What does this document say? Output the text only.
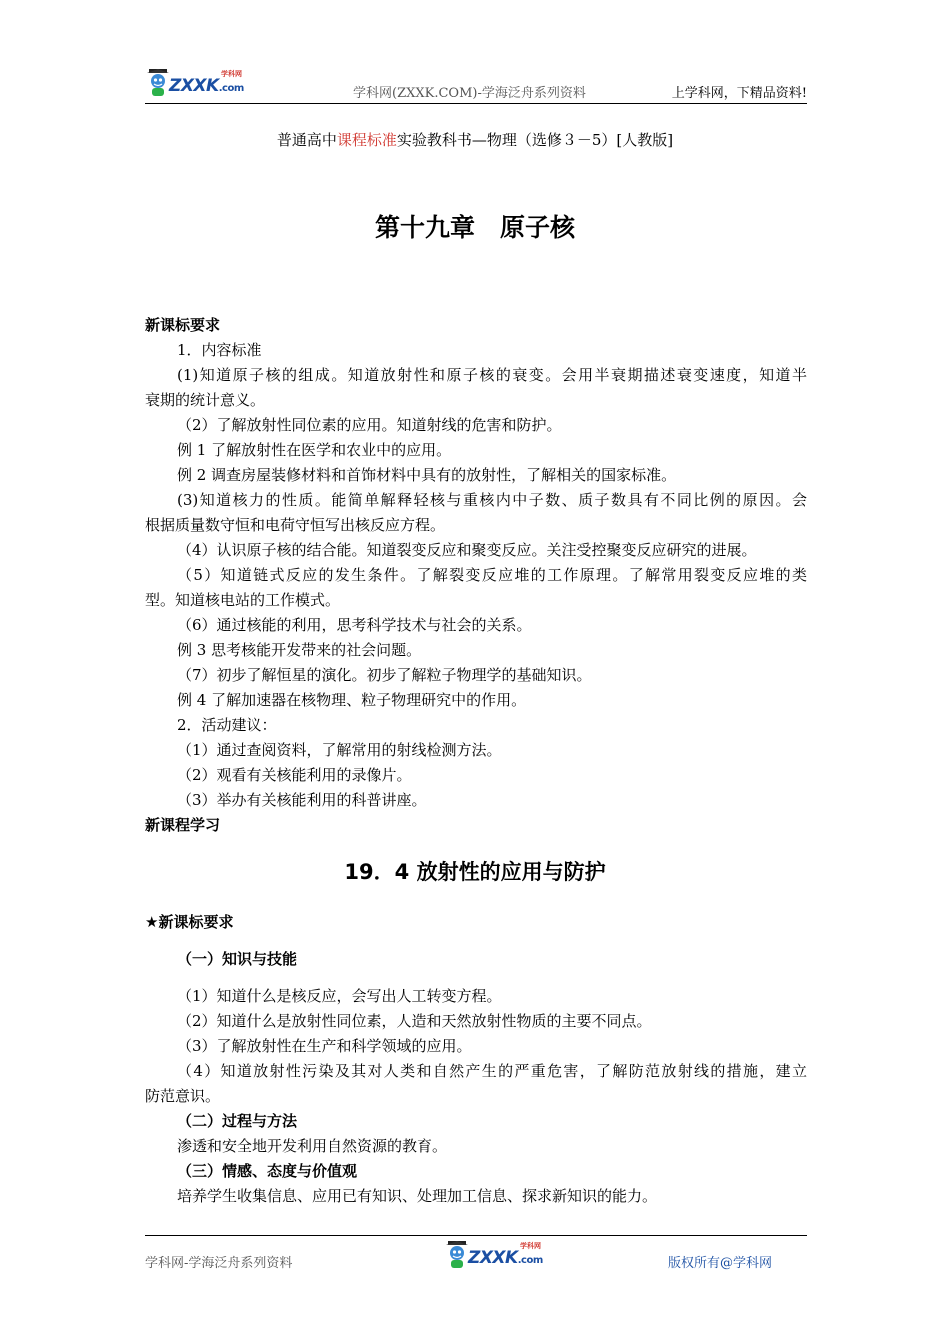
ZXXK.com
学科网
学科网(ZXXK.COM)-学海泛舟系列资料	上学科网，下精品资料!
普通高中课程标准实验教科书—物理（选修３－5）[人教版]
第十九章　原子核
新课标要求
1．内容标准
(1)知道原子核的组成。知道放射性和原子核的衰变。会用半衰期描述衰变速度，知道半
衰期的统计意义。
（2）了解放射性同位素的应用。知道射线的危害和防护。
例 1 了解放射性在医学和农业中的应用。
例 2 调查房屋装修材料和首饰材料中具有的放射性，了解相关的国家标准。
(3)知道核力的性质。能简单解释轻核与重核内中子数、质子数具有不同比例的原因。会
根据质量数守恒和电荷守恒写出核反应方程。
（4）认识原子核的结合能。知道裂变反应和聚变反应。关注受控聚变反应研究的进展。
（5）知道链式反应的发生条件。了解裂变反应堆的工作原理。了解常用裂变反应堆的类
型。知道核电站的工作模式。
（6）通过核能的利用，思考科学技术与社会的关系。
例 3 思考核能开发带来的社会问题。
（7）初步了解恒星的演化。初步了解粒子物理学的基础知识。
例 4 了解加速器在核物理、粒子物理研究中的作用。
2．活动建议：
（1）通过查阅资料，了解常用的射线检测方法。
（2）观看有关核能利用的录像片。
（3）举办有关核能利用的科普讲座。
新课程学习
19．4 放射性的应用与防护
★新课标要求
（一）知识与技能
（1）知道什么是核反应，会写出人工转变方程。
（2）知道什么是放射性同位素，人造和天然放射性物质的主要不同点。
（3）了解放射性在生产和科学领域的应用。
（4）知道放射性污染及其对人类和自然产生的严重危害，了解防范放射线的措施，建立
防范意识。
（二）过程与方法
渗透和安全地开发利用自然资源的教育。
（三）情感、态度与价值观
培养学生收集信息、应用已有知识、处理加工信息、探求新知识的能力。
学科网-学海泛舟系列资料	ZXXK.com
学科网
版权所有@学科网
